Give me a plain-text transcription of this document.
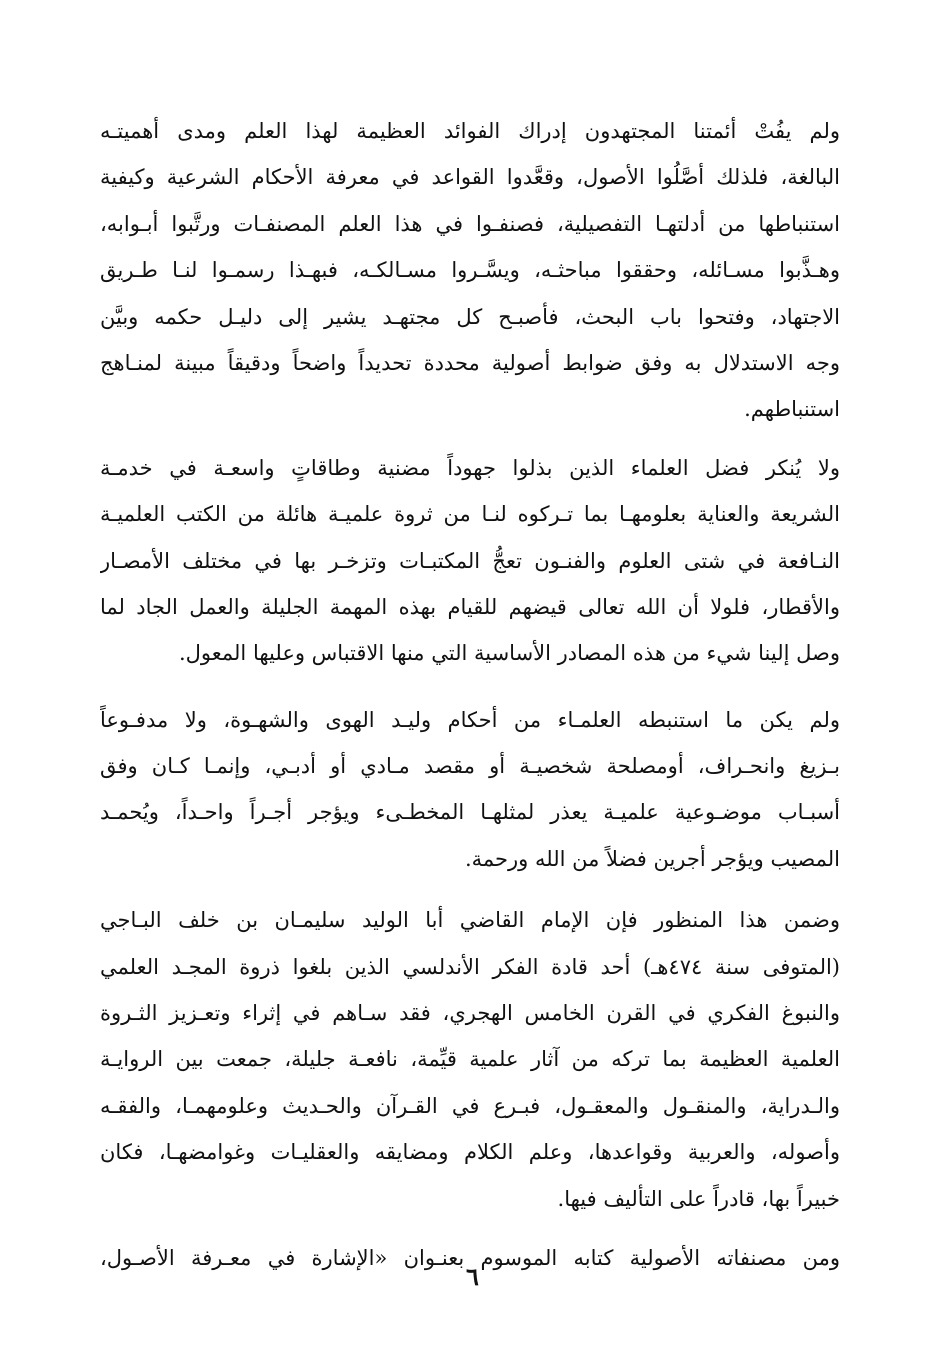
ولم يفُتْ أئمتنا المجتهدون إدراك الفوائد العظيمة لهذا العلم ومدى أهميتـه
البالغة، فلذلك أصَّلُوا الأصول، وقعَّدوا القواعد في معرفة الأحكام الشرعية وكيفية
استنباطها من أدلتهـا التفصيلية، فصنفـوا في هذا العلم المصنفـات ورتَّبوا أبـوابه،
وهـذَّبوا مسـائله، وحققوا مباحثـه، ويسَّـروا مسـالكـه، فبهـذا رسمـوا لنـا طـريق
الاجتهاد، وفتحوا باب البحث، فأصبـح كل مجتهـد يشير إلى دليـل حكمه وبيَّن
وجه الاستدلال به وفق ضوابط أصولية محددة تحديداً واضحاً ودقيقاً مبينة لمنـاهج
استنباطهم.
ولا يُنكر فضل العلماء الذين بذلوا جهوداً مضنية وطاقاتٍ واسعـة في خدمـة
الشريعة والعناية بعلومهـا بما تـركوه لنـا من ثروة علميـة هائلة من الكتب العلميـة
النـافعة في شتى العلوم والفنـون تعجُّ المكتبـات وتزخـر بها في مختلف الأمصـار
والأقطار، فلولا أن الله تعالى قيضهم للقيام بهذه المهمة الجليلة والعمل الجاد لما
وصل إلينا شيء من هذه المصادر الأساسية التي منها الاقتباس وعليها المعول.
ولم يكن ما استنبطه العلمـاء من أحكام وليـد الهوى والشهـوة، ولا مدفـوعاً
بـزيغ وانحـراف، أومصلحة شخصيـة أو مقصد مـادي أو أدبـي، وإنمـا كـان وفق
أسبـاب موضـوعية علميـة يعذر لمثلهـا المخطـىء ويؤجر أجـراً واحـداً، ويُحمـد
المصيب ويؤجر أجرين فضلاً من الله ورحمة.
وضمن هذا المنظور فإن الإمام القاضي أبا الوليد سليمـان بن خلف البـاجي
(المتوفى سنة ٤٧٤هـ) أحد قادة الفكر الأندلسي الذين بلغوا ذروة المجـد العلمي
والنبوغ الفكري في القرن الخامس الهجري، فقد سـاهم في إثراء وتعـزيز الثـروة
العلمية العظيمة بما تركه من آثار علمية قيِّمة، نافعـة جليلة، جمعت بين الروايـة
والـدراية، والمنقـول والمعقـول، فبـرع في القـرآن والحـديث وعلومهمـا، والفقـه
وأصوله، والعربية وقواعدها، وعلم الكلام ومضايقه والعقليـات وغوامضهـا، فكان
خبيراً بها، قادراً على التأليف فيها.
ومن مصنفاته الأصولية كتابه الموسوم بعنـوان «الإشارة في معـرفة الأصـول،
٦
